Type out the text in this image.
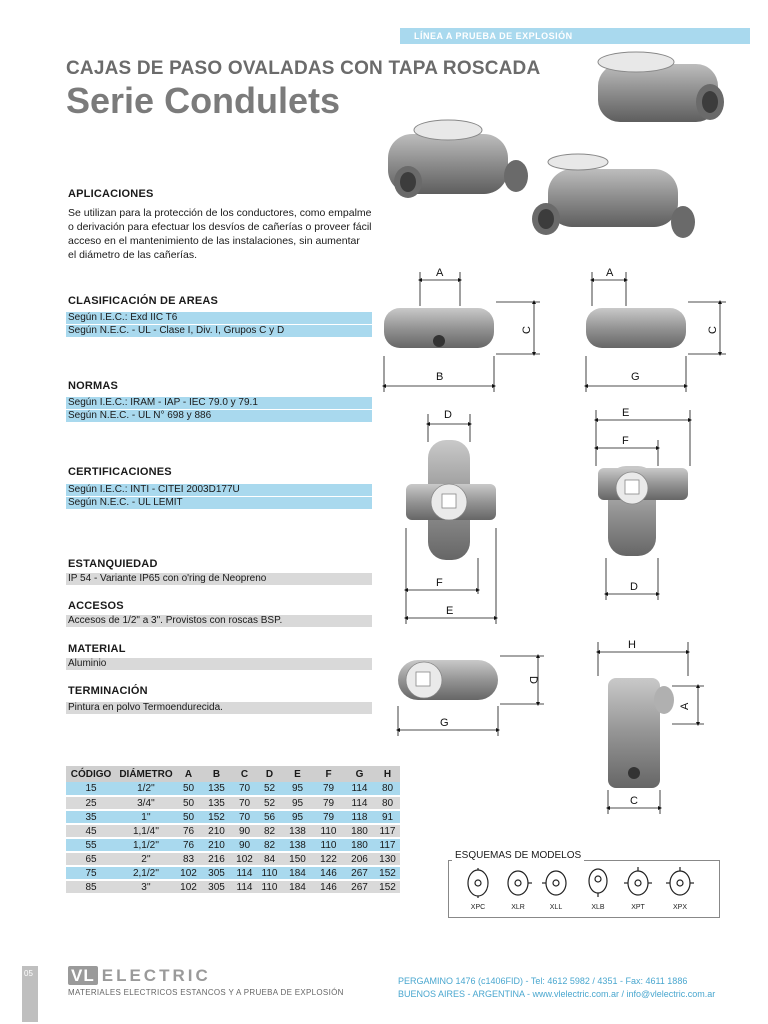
LÍNEA A PRUEBA DE EXPLOSIÓN
CAJAS DE PASO OVALADAS CON TAPA ROSCADA
Serie Condulets
APLICACIONES
Se utilizan para la protección de los conductores, como empalme
o derivación para efectuar los desvíos de cañerías o proveer fácil
acceso en el mantenimiento de las instalaciones, sin aumentar
el diámetro de las cañerías.
CLASIFICACIÓN DE AREAS
Según I.E.C.: Exd IIC T6
Según N.E.C. - UL - Clase I, Div. I, Grupos C y D
NORMAS
Según I.E.C.: IRAM - IAP - IEC 79.0 y 79.1
Según N.E.C. - UL N° 698 y 886
CERTIFICACIONES
Según I.E.C.: INTI - CITEI 2003D177U
Según N.E.C. - UL LEMIT
ESTANQUIEDAD
IP 54 - Variante IP65 con o'ring de Neopreno
ACCESOS
Accesos de 1/2" a 3". Provistos con roscas BSP.
MATERIAL
Aluminio
TERMINACIÓN
Pintura en polvo Termoendurecida.
A
B
C
A
G
C
D
F
E
E
F
D
D
G
H
A
C
CÓDIGO	DIÁMETRO	A	B	C	D	E	F	G	H
15	1/2''	50	135	70	52	95	79	114	80
25	3/4''	50	135	70	52	95	79	114	80
35	1''	50	152	70	56	95	79	118	91
45	1,1/4''	76	210	90	82	138	110	180	117
55	1,1/2''	76	210	90	82	138	110	180	117
65	2''	83	216	102	84	150	122	206	130
75	2,1/2''	102	305	114	110	184	146	267	152
85	3''	102	305	114	110	184	146	267	152
ESQUEMAS DE MODELOS
XPC	XLR	XLL	XLB	XPT	XPX
05 VL ELECTRIC
MATERIALES ELECTRICOS ESTANCOS Y A PRUEBA DE EXPLOSIÓN
PERGAMINO 1476 (c1406FID) - Tel: 4612 5982 / 4351 - Fax: 4611 1886
BUENOS AIRES - ARGENTINA - www.vlelectric.com.ar / info@vlelectric.com.ar
